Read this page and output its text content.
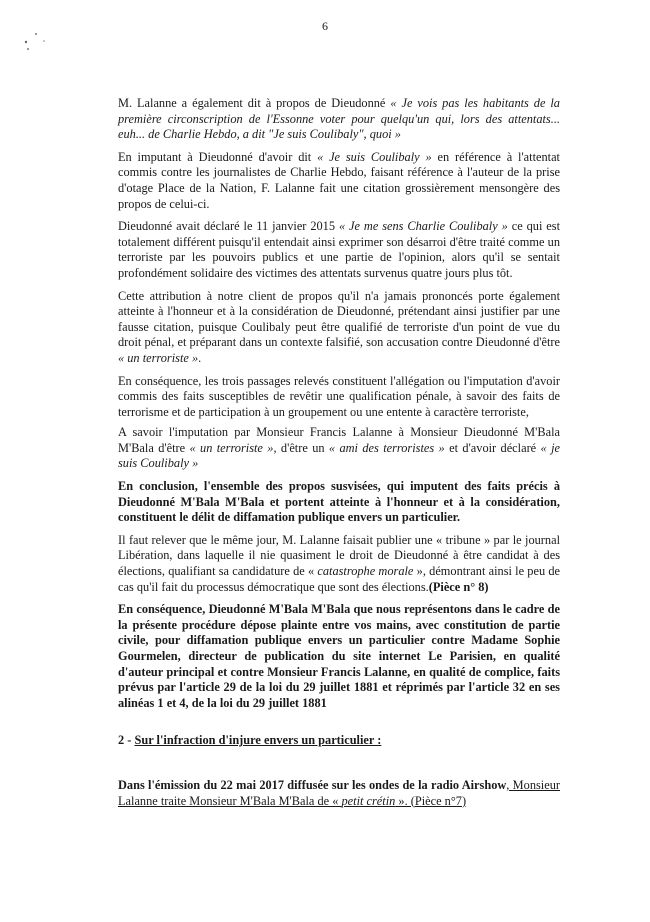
6

M. Lalanne a également dit à propos de Dieudonné « Je vois pas les habitants de la première circonscription de l'Essonne voter pour quelqu'un qui, lors des attentats... euh... de Charlie Hebdo, a dit "Je suis Coulibaly", quoi »

En imputant à Dieudonné d'avoir dit « Je suis Coulibaly » en référence à l'attentat commis contre les journalistes de Charlie Hebdo, faisant référence à l'auteur de la prise d'otage Place de la Nation, F. Lalanne fait une citation grossièrement mensongère des propos de celui-ci.

Dieudonné avait déclaré le 11 janvier 2015 « Je me sens Charlie Coulibaly » ce qui est totalement différent puisqu'il entendait ainsi exprimer son désarroi d'être traité comme un terroriste par les pouvoirs publics et une partie de l'opinion, alors qu'il se sentait profondément solidaire des victimes des attentats survenus quatre jours plus tôt.

Cette attribution à notre client de propos qu'il n'a jamais prononcés porte également atteinte à l'honneur et à la considération de Dieudonné, prétendant ainsi justifier par une fausse citation, puisque Coulibaly peut être qualifié de terroriste d'un point de vue du droit pénal, et préparant dans un contexte falsifié, son accusation contre Dieudonné d'être « un terroriste ».

En conséquence, les trois passages relevés constituent l'allégation ou l'imputation d'avoir commis des faits susceptibles de revêtir une qualification pénale, à savoir des faits de terrorisme et de participation à un groupement ou une entente à caractère terroriste,

A savoir l'imputation par Monsieur Francis Lalanne à Monsieur Dieudonné M'Bala M'Bala d'être « un terroriste », d'être un « ami des terroristes » et d'avoir déclaré « je suis Coulibaly »

En conclusion, l'ensemble des propos susvisées, qui imputent des faits précis à Dieudonné M'Bala M'Bala et portent atteinte à l'honneur et à la considération, constituent le délit de diffamation publique envers un particulier.

Il faut relever que le même jour, M. Lalanne faisait publier une « tribune » par le journal Libération, dans laquelle il nie quasiment le droit de Dieudonné à être candidat à des élections, qualifiant sa candidature de « catastrophe morale », démontrant ainsi le peu de cas qu'il fait du processus démocratique que sont des élections.(Pièce n° 8)

En conséquence, Dieudonné M'Bala M'Bala que nous représentons dans le cadre de la présente procédure dépose plainte entre vos mains, avec constitution de partie civile, pour diffamation publique envers un particulier contre Madame Sophie Gourmelen, directeur de publication du site internet Le Parisien, en qualité d'auteur principal et contre Monsieur Francis Lalanne, en qualité de complice, faits prévus par l'article 29 de la loi du 29 juillet 1881 et réprimés par l'article 32 en ses alinéas 1 et 4, de la loi du 29 juillet 1881

2 - Sur l'infraction d'injure envers un particulier :

Dans l'émission du 22 mai 2017 diffusée sur les ondes de la radio Airshow, Monsieur Lalanne traite Monsieur M'Bala M'Bala de « petit crétin ». (Pièce n°7)
